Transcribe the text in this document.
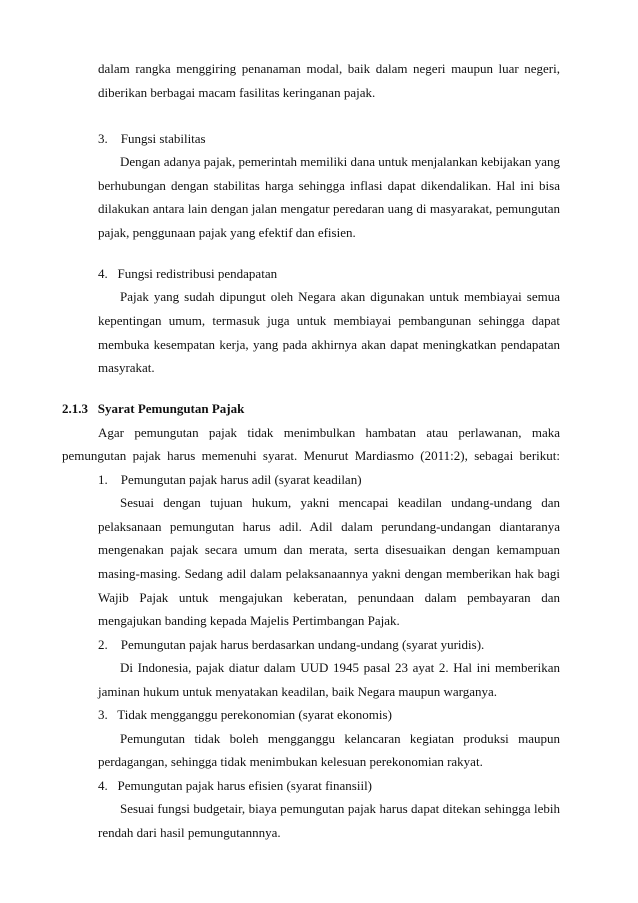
dalam rangka menggiring penanaman modal, baik dalam negeri maupun luar negeri,
diberikan berbagai macam fasilitas keringanan pajak.
3.    Fungsi stabilitas
Dengan adanya pajak, pemerintah memiliki dana untuk menjalankan kebijakan yang
berhubungan dengan stabilitas harga sehingga inflasi dapat dikendalikan. Hal ini bisa
dilakukan antara lain dengan jalan mengatur peredaran uang di masyarakat, pemungutan
pajak, penggunaan pajak yang efektif dan efisien.
4.   Fungsi redistribusi pendapatan
Pajak yang sudah dipungut oleh Negara akan digunakan untuk membiayai semua
kepentingan umum, termasuk juga untuk membiayai pembangunan sehingga dapat
membuka kesempatan kerja, yang pada akhirnya akan dapat meningkatkan pendapatan
masyrakat.
2.1.3   Syarat Pemungutan Pajak
Agar pemungutan pajak tidak menimbulkan hambatan atau perlawanan, maka
pemungutan pajak harus memenuhi syarat. Menurut Mardiasmo (2011:2), sebagai berikut:
1.    Pemungutan pajak harus adil (syarat keadilan)
Sesuai dengan tujuan hukum, yakni mencapai keadilan undang-undang dan
pelaksanaan pemungutan harus adil. Adil dalam perundang-undangan diantaranya
mengenakan pajak secara umum dan merata, serta disesuaikan dengan kemampuan
masing-masing. Sedang adil dalam pelaksanaannya yakni dengan memberikan hak bagi
Wajib Pajak untuk mengajukan keberatan, penundaan dalam pembayaran dan
mengajukan banding kepada Majelis Pertimbangan Pajak.
2.    Pemungutan pajak harus berdasarkan undang-undang (syarat yuridis).
Di Indonesia, pajak diatur dalam UUD 1945 pasal 23 ayat 2. Hal ini memberikan
jaminan hukum untuk menyatakan keadilan, baik Negara maupun warganya.
3.   Tidak mengganggu perekonomian (syarat ekonomis)
Pemungutan tidak boleh mengganggu kelancaran kegiatan produksi maupun
perdagangan, sehingga tidak menimbukan kelesuan perekonomian rakyat.
4.   Pemungutan pajak harus efisien (syarat finansiil)
Sesuai fungsi budgetair, biaya pemungutan pajak harus dapat ditekan sehingga lebih
rendah dari hasil pemungutannnya.
